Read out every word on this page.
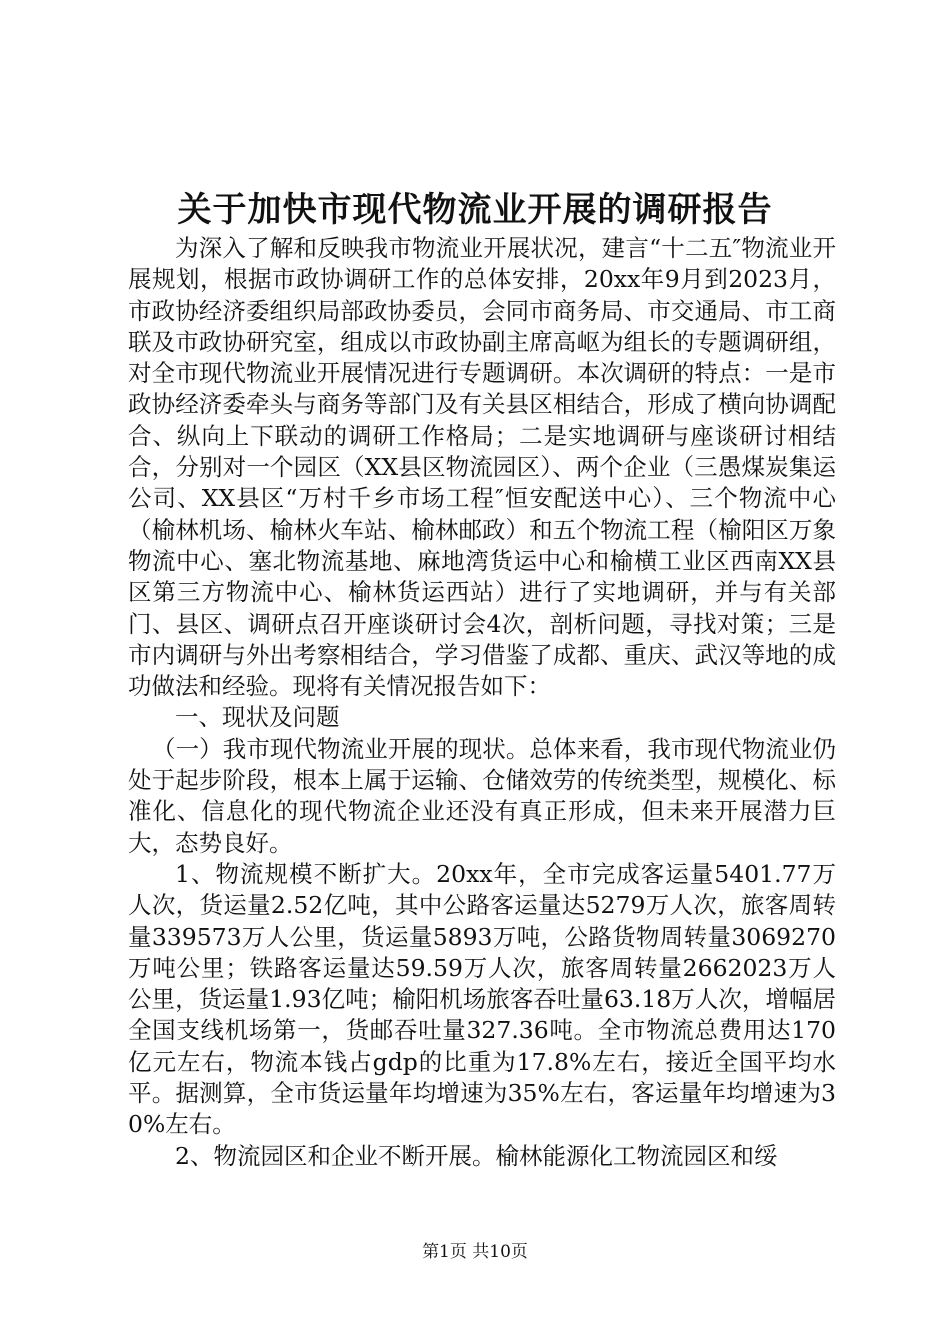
关于加快市现代物流业开展的调研报告

为深入了解和反映我市物流业开展状况，建言“十二五″物流业开展规划，根据市政协调研工作的总体安排，20xx年9月到2023月，市政协经济委组织局部政协委员，会同市商务局、市交通局、市工商联及市政协研究室，组成以市政协副主席高岖为组长的专题调研组，对全市现代物流业开展情况进行专题调研。本次调研的特点：一是市政协经济委牵头与商务等部门及有关县区相结合，形成了横向协调配合、纵向上下联动的调研工作格局；二是实地调研与座谈研讨相结合，分别对一个园区（XX县区物流园区）、两个企业（三愚煤炭集运公司、XX县区“万村千乡市场工程″恒安配送中心）、三个物流中心（榆林机场、榆林火车站、榆林邮政）和五个物流工程（榆阳区万象物流中心、塞北物流基地、麻地湾货运中心和榆横工业区西南XX县区第三方物流中心、榆林货运西站）进行了实地调研，并与有关部门、县区、调研点召开座谈研讨会4次，剖析问题，寻找对策；三是市内调研与外出考察相结合，学习借鉴了成都、重庆、武汉等地的成功做法和经验。现将有关情况报告如下：

一、现状及问题

（一）我市现代物流业开展的现状。总体来看，我市现代物流业仍处于起步阶段，根本上属于运输、仓储效劳的传统类型，规模化、标准化、信息化的现代物流企业还没有真正形成，但未来开展潜力巨大，态势良好。

1、物流规模不断扩大。20xx年，全市完成客运量5401.77万人次，货运量2.52亿吨，其中公路客运量达5279万人次，旅客周转量339573万人公里，货运量5893万吨，公路货物周转量3069270万吨公里；铁路客运量达59.59万人次，旅客周转量2662023万人公里，货运量1.93亿吨；榆阳机场旅客吞吐量63.18万人次，增幅居全国支线机场第一，货邮吞吐量327.36吨。全市物流总费用达170亿元左右，物流本钱占gdp的比重为17.8%左右，接近全国平均水平。据测算，全市货运量年均增速为35%左右，客运量年均增速为30%左右。

2、物流园区和企业不断开展。榆林能源化工物流园区和绥

第1页 共10页
